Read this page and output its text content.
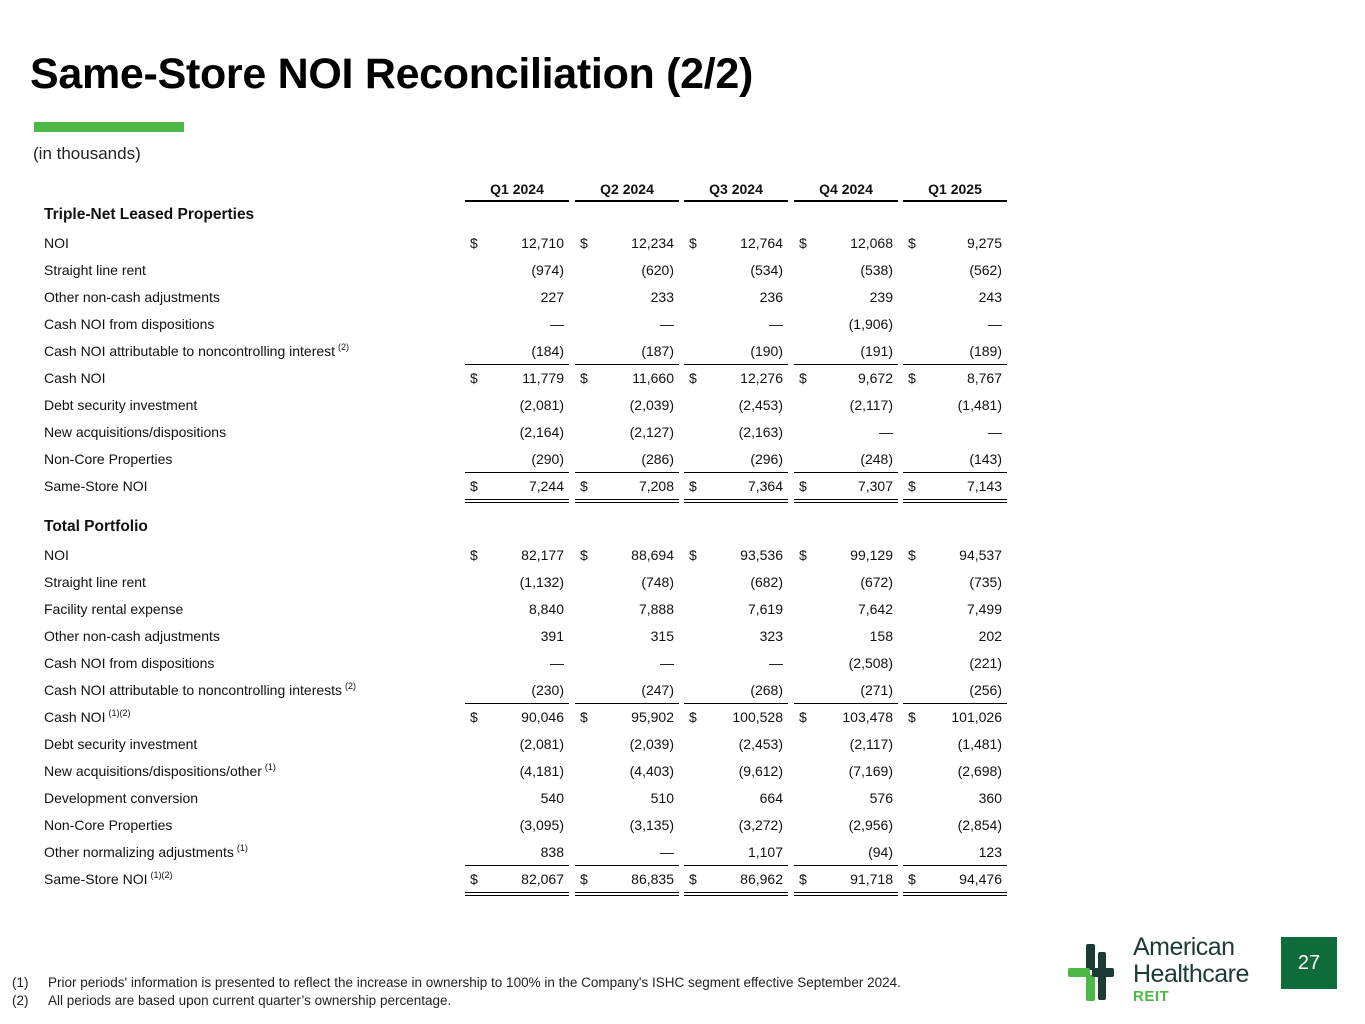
Same-Store NOI Reconciliation (2/2)
(in thousands)
Q1 2024	Q2 2024	Q3 2024	Q4 2024	Q1 2025
Triple-Net Leased Properties
NOI	$	12,710 $	12,234 $	12,764 $	12,068 $	9,275
Straight line rent	(974)	(620)	(534)	(538)	(562)
Other non-cash adjustments	227	233	236	239	243
Cash NOI from dispositions	—	—	—	(1,906)	—
Cash NOI attributable to noncontrolling interest $^{(2)}$	(184)	(187)	(190)	(191)	(189)
Cash NOI	$	11,779 $	11,660 $	12,276 $	9,672 $	8,767
Debt security investment	(2,081)	(2,039)	(2,453)	(2,117)	(1,481)
New acquisitions/dispositions	(2,164)	(2,127)	(2,163)	—	—
Non-Core Properties	(290)	(286)	(296)	(248)	(143)
Same-Store NOI	$	7,244 $	7,208 $	7,364 $	7,307 $	7,143
Total Portfolio
NOI	$	82,177 $	88,694 $	93,536 $	99,129 $	94,537
Straight line rent	(1,132)	(748)	(682)	(672)	(735)
Facility rental expense	8,840	7,888	7,619	7,642	7,499
Other non-cash adjustments	391	315	323	158	202
Cash NOI from dispositions	—	—	—	(2,508)	(221)
Cash NOI attributable to noncontrolling interests $^{(2)}$	(230)	(247)	(268)	(271)	(256)
Cash NOI $^{(1)(2)}$	$	90,046 $	95,902 $	100,528 $	103,478 $	101,026
Debt security investment	(2,081)	(2,039)	(2,453)	(2,117)	(1,481)
New acquisitions/dispositions/other $^{(1)}$	(4,181)	(4,403)	(9,612)	(7,169)	(2,698)
Development conversion	540	510	664	576	360
Non-Core Properties	(3,095)	(3,135)	(3,272)	(2,956)	(2,854)
Other normalizing adjustments $^{(1)}$	838	—	1,107	(94)	123
Same-Store NOI $^{(1)(2)}$	$	82,067 $	86,835 $	86,962 $	91,718 $	94,476
(1)	Prior periods' information is presented to reflect the increase in ownership to 100% in the Company's ISHC segment effective September 2024.
(2)	All periods are based upon current quarter’s ownership percentage.
American
Healthcare
REIT
27
